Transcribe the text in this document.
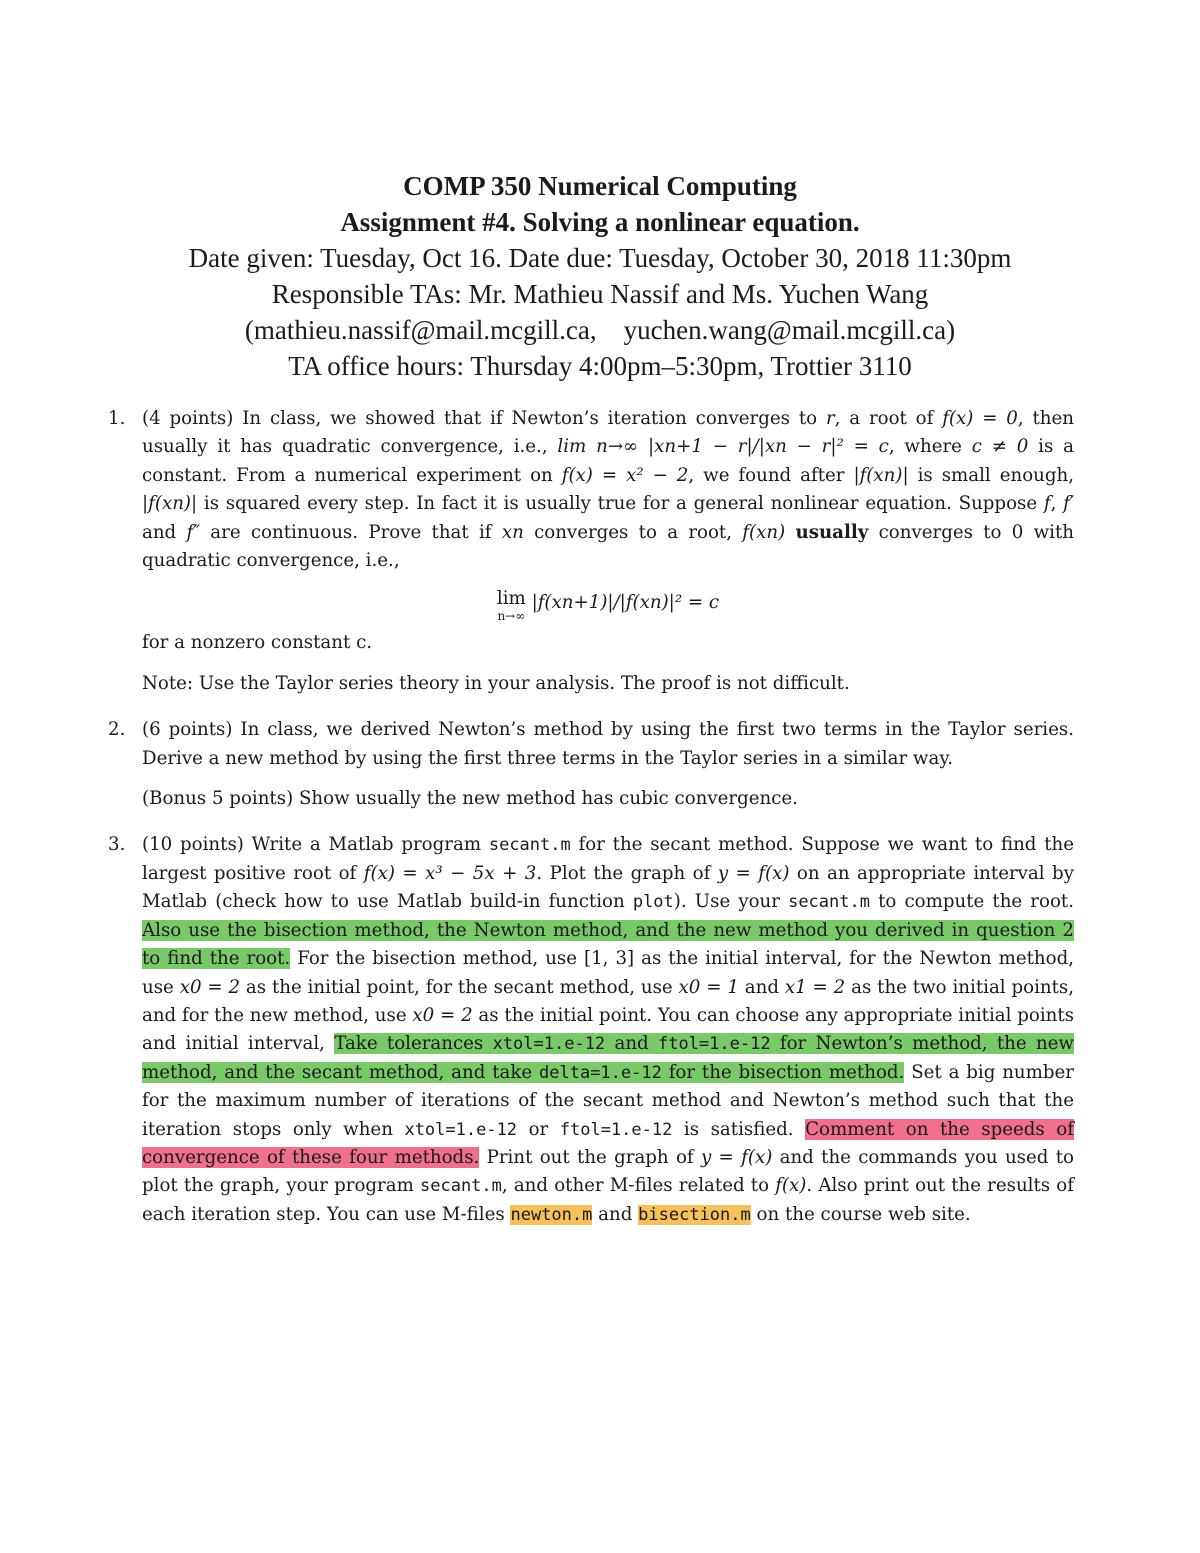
COMP 350 Numerical Computing
Assignment #4. Solving a nonlinear equation.
Date given: Tuesday, Oct 16. Date due: Tuesday, October 30, 2018 11:30pm
Responsible TAs: Mr. Mathieu Nassif and Ms. Yuchen Wang
(mathieu.nassif@mail.mcgill.ca,    yuchen.wang@mail.mcgill.ca)
TA office hours: Thursday 4:00pm–5:30pm, Trottier 3110
1. (4 points) In class, we showed that if Newton’s iteration converges to r, a root of f(x) = 0, then usually it has quadratic convergence, i.e., lim n→∞ |xn+1 − r|/|xn − r|² = c, where c ≠ 0 is a constant. From a numerical experiment on f(x) = x² − 2, we found after |f(xn)| is small enough, |f(xn)| is squared every step. In fact it is usually true for a general nonlinear equation. Suppose f, f′ and f″ are continuous. Prove that if xn converges to a root, f(xn) usually converges to 0 with quadratic convergence, i.e.,

lim
n→∞
|f(xn+1)|/|f(xn)|² = c

for a nonzero constant c.

Note: Use the Taylor series theory in your analysis. The proof is not difficult.

2. (6 points) In class, we derived Newton’s method by using the first two terms in the Taylor series. Derive a new method by using the first three terms in the Taylor series in a similar way.

(Bonus 5 points) Show usually the new method has cubic convergence.

3. (10 points) Write a Matlab program secant.m for the secant method. Suppose we want to find the largest positive root of f(x) = x³ − 5x + 3. Plot the graph of y = f(x) on an appropriate interval by Matlab (check how to use Matlab build-in function plot). Use your secant.m to compute the root. Also use the bisection method, the Newton method, and the new method you derived in question 2 to find the root. For the bisection method, use [1, 3] as the initial interval, for the Newton method, use x0 = 2 as the initial point, for the secant method, use x0 = 1 and x1 = 2 as the two initial points, and for the new method, use x0 = 2 as the initial point. You can choose any appropriate initial points and initial interval, Take tolerances xtol=1.e-12 and ftol=1.e-12 for Newton’s method, the new method, and the secant method, and take delta=1.e-12 for the bisection method. Set a big number for the maximum number of iterations of the secant method and Newton’s method such that the iteration stops only when xtol=1.e-12 or ftol=1.e-12 is satisfied. Comment on the speeds of convergence of these four methods. Print out the graph of y = f(x) and the commands you used to plot the graph, your program secant.m, and other M-files related to f(x). Also print out the results of each iteration step. You can use M-files newton.m and bisection.m on the course web site.
